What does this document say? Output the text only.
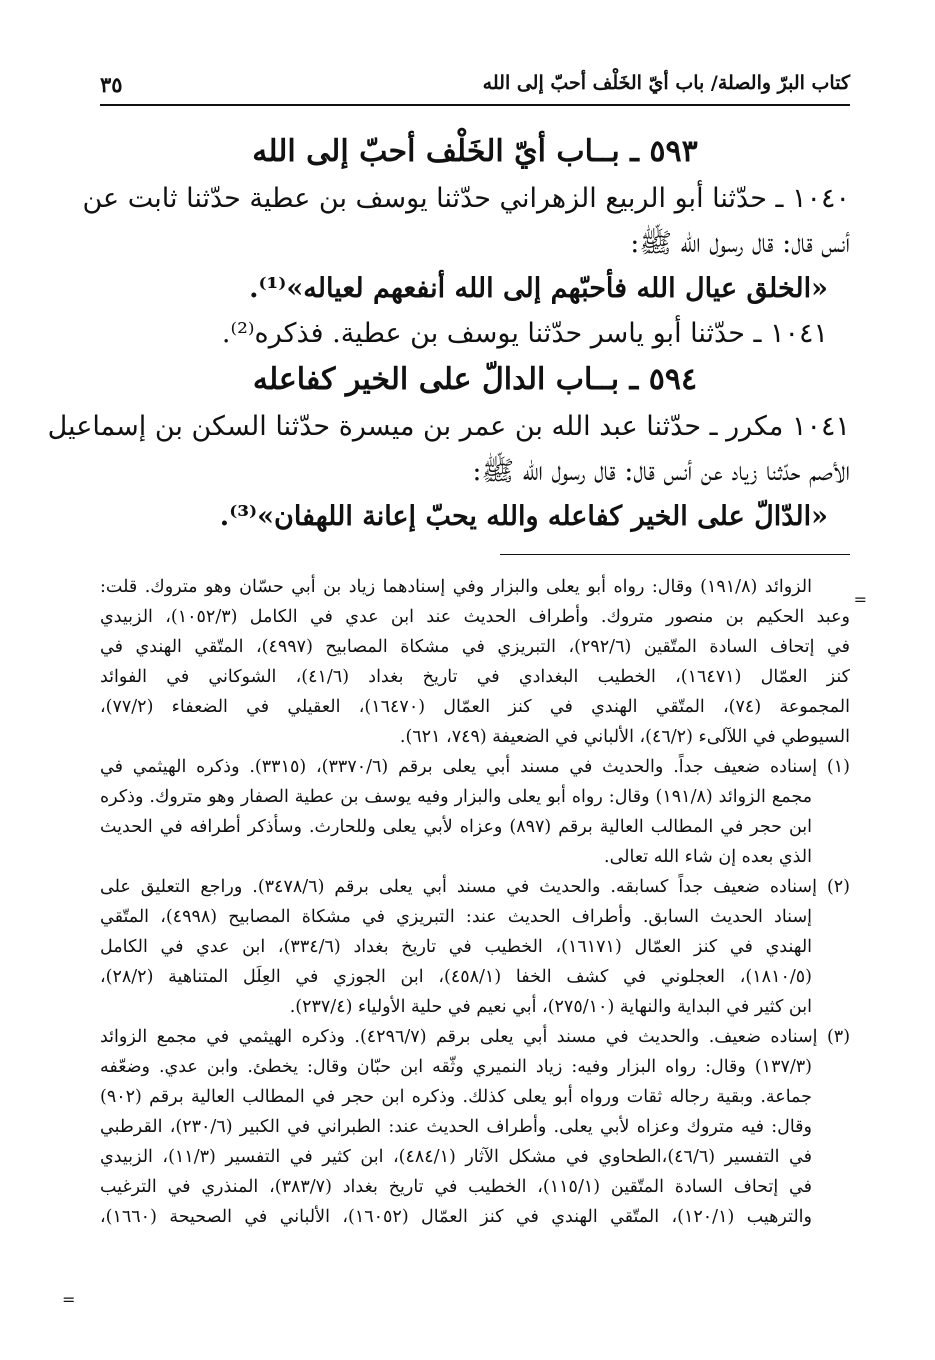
كتاب البرّ والصلة/ باب أيّ الخَلْف أحبّ إلى الله
٣٥
٥٩٣ ـ بــاب أيّ الخَلْف أحبّ إلى الله
١٠٤٠ ـ حدّثنا أبو الربيع الزهراني حدّثنا يوسف بن عطية حدّثنا ثابت عن
أنس قال: قال رسول الله ﷺ:
«الخلق عيال الله فأحبّهم إلى الله أنفعهم لعياله»⁽¹⁾.
١٠٤١ ـ حدّثنا أبو ياسر حدّثنا يوسف بن عطية. فذكره⁽²⁾.
٥٩٤ ـ بــاب الدالّ على الخير كفاعله
١٠٤١ مكرر ـ حدّثنا عبد الله بن عمر بن ميسرة حدّثنا السكن بن إسماعيل
الأصم حدّثنا زياد عن أنس قال: قال رسول الله ﷺ:
«الدّالّ على الخير كفاعله والله يحبّ إعانة اللهفان»⁽³⁾.
=
الزوائد (١٩١/٨) وقال: رواه أبو يعلى والبزار وفي إسنادهما زياد بن أبي حسّان وهو متروك. قلت:
وعبد الحكيم بن منصور متروك. وأطراف الحديث عند ابن عدي في الكامل (١٠٥٢/٣)، الزبيدي
في إتحاف السادة المتّقين (٢٩٢/٦)، التبريزي في مشكاة المصابيح (٤٩٩٧)، المتّقي الهندي في
كنز العمّال (١٦٤٧١)، الخطيب البغدادي في تاريخ بغداد (٤١/٦)، الشوكاني في الفوائد
المجموعة (٧٤)، المتّقي الهندي في كنز العمّال (١٦٤٧٠)، العقيلي في الضعفاء (٧٧/٢)،
السيوطي في اللآلىء (٤٦/٢)، الألباني في الضعيفة (٧٤٩، ٦٢١).
(١) إسناده ضعيف جداً. والحديث في مسند أبي يعلى برقم (٣٣٧٠/٦)، (٣٣١٥). وذكره الهيثمي في
مجمع الزوائد (١٩١/٨) وقال: رواه أبو يعلى والبزار وفيه يوسف بن عطية الصفار وهو متروك. وذكره
ابن حجر في المطالب العالية برقم (٨٩٧) وعزاه لأبي يعلى وللحارث. وسأذكر أطرافه في الحديث
الذي بعده إن شاء الله تعالى.
(٢) إسناده ضعيف جداً كسابقه. والحديث في مسند أبي يعلى برقم (٣٤٧٨/٦). وراجع التعليق على
إسناد الحديث السابق. وأطراف الحديث عند: التبريزي في مشكاة المصابيح (٤٩٩٨)، المتّقي
الهندي في كنز العمّال (١٦١٧١)، الخطيب في تاريخ بغداد (٣٣٤/٦)، ابن عدي في الكامل
(١٨١٠/٥)، العجلوني في كشف الخفا (٤٥٨/١)، ابن الجوزي في العِلَل المتناهية (٢٨/٢)،
ابن كثير في البداية والنهاية (٢٧٥/١٠)، أبي نعيم في حلية الأولياء (٢٣٧/٤).
(٣) إسناده ضعيف. والحديث في مسند أبي يعلى برقم (٤٢٩٦/٧). وذكره الهيثمي في مجمع الزوائد
(١٣٧/٣) وقال: رواه البزار وفيه: زياد النميري وثّقه ابن حبّان وقال: يخطئ. وابن عدي. وضعّفه
جماعة. وبقية رجاله ثقات ورواه أبو يعلى كذلك. وذكره ابن حجر في المطالب العالية برقم (٩٠٢)
وقال: فيه متروك وعزاه لأبي يعلى. وأطراف الحديث عند: الطبراني في الكبير (٢٣٠/٦)، القرطبي
في التفسير (٤٦/٦)،الطحاوي في مشكل الآثار (٤٨٤/١)، ابن كثير في التفسير (١١/٣)، الزبيدي
في إتحاف السادة المتّقين (١١٥/١)، الخطيب في تاريخ بغداد (٣٨٣/٧)، المنذري في الترغيب
والترهيب (١٢٠/١)، المتّقي الهندي في كنز العمّال (١٦٠٥٢)، الألباني في الصحيحة (١٦٦٠)،
=
